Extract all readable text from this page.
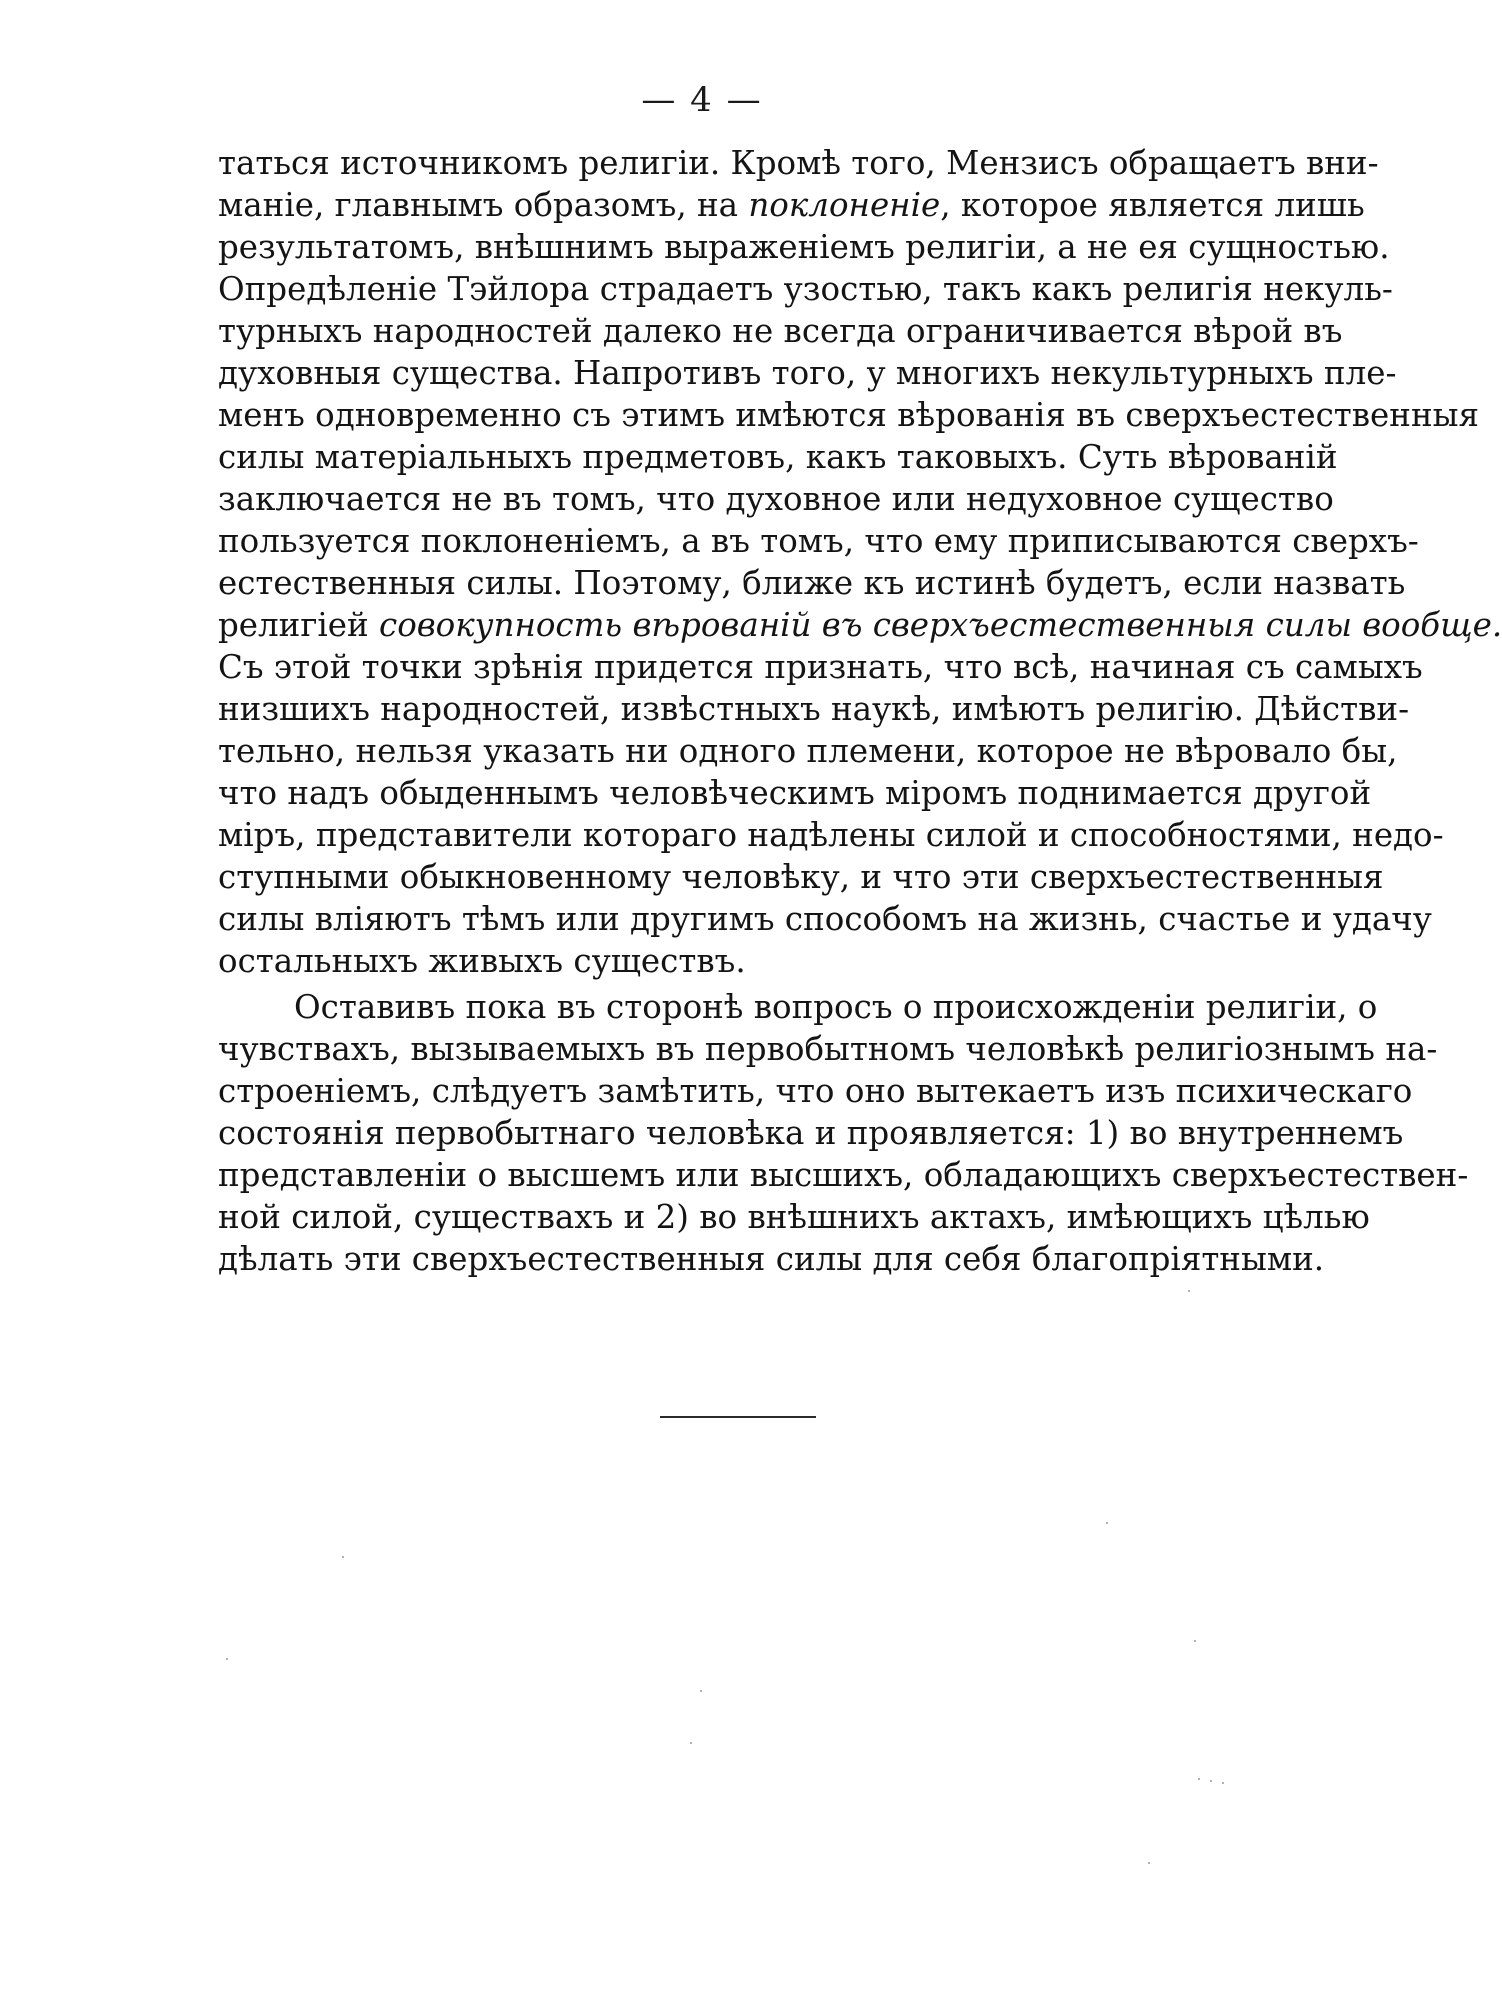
— 4 —
таться источникомъ религіи. Кромѣ того, Мензисъ обращаетъ вни-
маніе, главнымъ образомъ, на поклоненіе, которое является лишь
результатомъ, внѣшнимъ выраженіемъ религіи, а не ея сущностью.
Опредѣленіе Тэйлора страдаетъ узостью, такъ какъ религія некуль-
турныхъ народностей далеко не всегда ограничивается вѣрой въ
духовныя существа. Напротивъ того, у многихъ некультурныхъ пле-
менъ одновременно съ этимъ имѣются вѣрованія въ сверхъестественныя
силы матеріальныхъ предметовъ, какъ таковыхъ. Суть вѣрованій
заключается не въ томъ, что духовное или недуховное существо
пользуется поклоненіемъ, а въ томъ, что ему приписываются сверхъ-
естественныя силы. Поэтому, ближе къ истинѣ будетъ, если назвать
религіей совокупность вѣрованій въ сверхъестественныя силы вообще.
Съ этой точки зрѣнія придется признать, что всѣ, начиная съ самыхъ
низшихъ народностей, извѣстныхъ наукѣ, имѣютъ религію. Дѣйстви-
тельно, нельзя указать ни одного племени, которое не вѣровало бы,
что надъ обыденнымъ человѣческимъ міромъ поднимается другой
міръ, представители котораго надѣлены силой и способностями, недо-
ступными обыкновенному человѣку, и что эти сверхъестественныя
силы вліяютъ тѣмъ или другимъ способомъ на жизнь, счастье и удачу
остальныхъ живыхъ существъ.
Оставивъ пока въ сторонѣ вопросъ о происхожденіи религіи, о
чувствахъ, вызываемыхъ въ первобытномъ человѣкѣ религіознымъ на-
строеніемъ, слѣдуетъ замѣтить, что оно вытекаетъ изъ психическаго
состоянія первобытнаго человѣка и проявляется: 1) во внутреннемъ
представленіи о высшемъ или высшихъ, обладающихъ сверхъестествен-
ной силой, существахъ и 2) во внѣшнихъ актахъ, имѣющихъ цѣлью
дѣлать эти сверхъестественныя силы для себя благопріятными.
